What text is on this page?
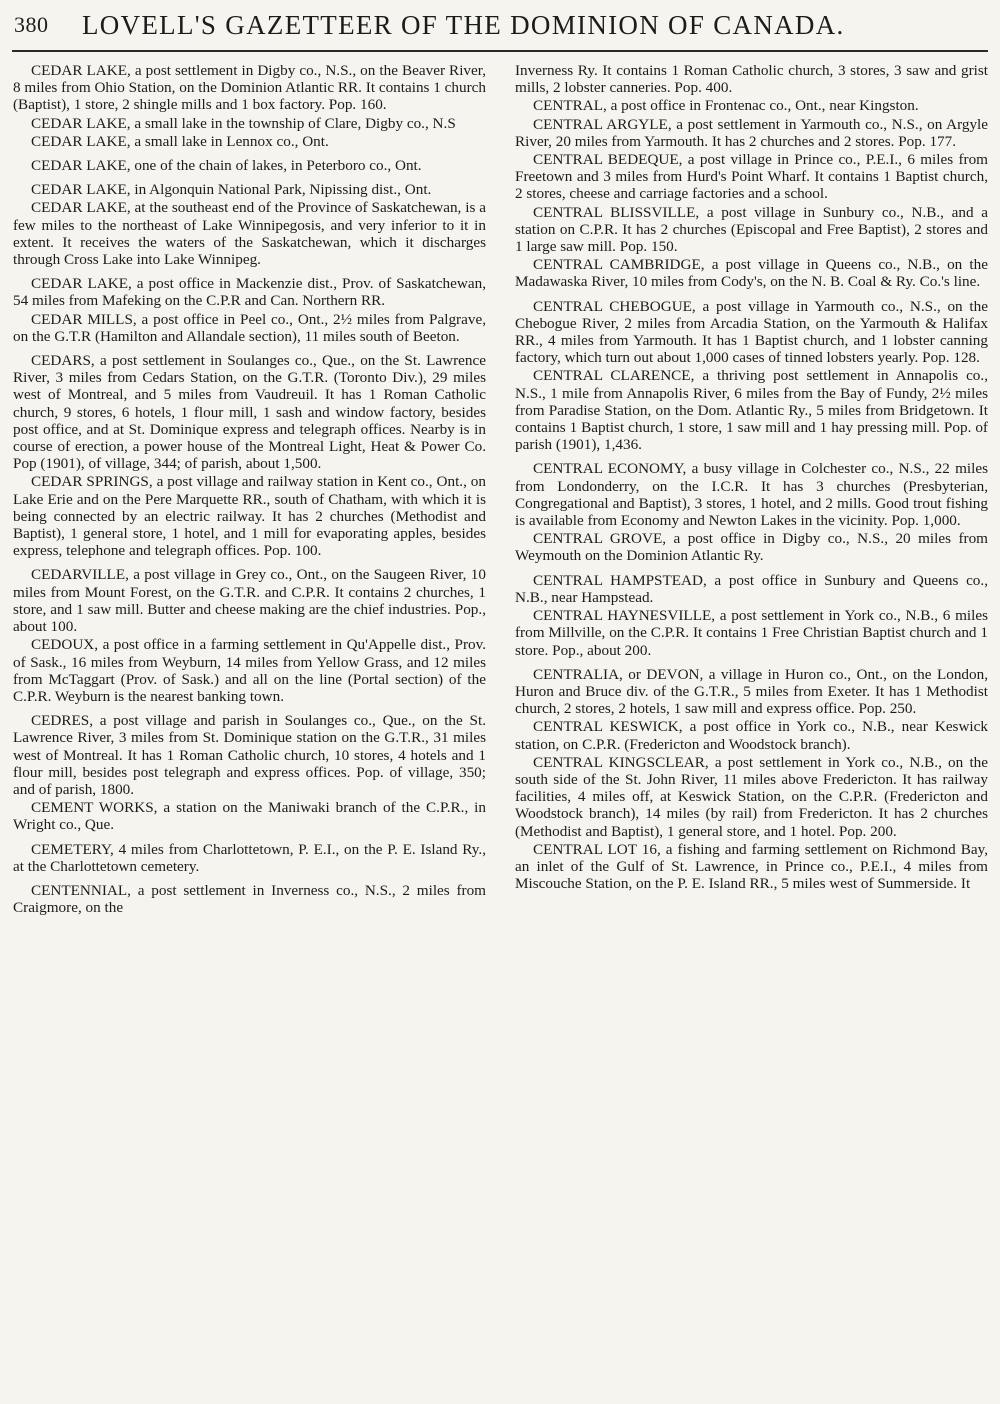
380 LOVELL'S GAZETTEER OF THE DOMINION OF CANADA.

CEDAR LAKE, a post settlement in Digby co., N.S., on the Beaver River, 8 miles from Ohio Station, on the Dominion Atlantic RR. It contains 1 church (Baptist), 1 store, 2 shingle mills and 1 box factory. Pop. 160.

CEDAR LAKE, a small lake in the township of Clare, Digby co., N.S

CEDAR LAKE, a small lake in Lennox co., Ont.

CEDAR LAKE, one of the chain of lakes, in Peterboro co., Ont.

CEDAR LAKE, in Algonquin National Park, Nipissing dist., Ont.

CEDAR LAKE, at the southeast end of the Province of Saskatchewan, is a few miles to the northeast of Lake Winnipegosis, and very inferior to it in extent. It receives the waters of the Saskatchewan, which it discharges through Cross Lake into Lake Winnipeg.

CEDAR LAKE, a post office in Mackenzie dist., Prov. of Saskatchewan, 54 miles from Mafeking on the C.P.R and Can. Northern RR.

CEDAR MILLS, a post office in Peel co., Ont., 2½ miles from Palgrave, on the G.T.R (Hamilton and Allandale section), 11 miles south of Beeton.

CEDARS, a post settlement in Soulanges co., Que., on the St. Lawrence River, 3 miles from Cedars Station, on the G.T.R. (Toronto Div.), 29 miles west of Montreal, and 5 miles from Vaudreuil. It has 1 Roman Catholic church, 9 stores, 6 hotels, 1 flour mill, 1 sash and window factory, besides post office, and at St. Dominique express and telegraph offices. Nearby is in course of erection, a power house of the Montreal Light, Heat & Power Co. Pop (1901), of village, 344; of parish, about 1,500.

CEDAR SPRINGS, a post village and railway station in Kent co., Ont., on Lake Erie and on the Pere Marquette RR., south of Chatham, with which it is being connected by an electric railway. It has 2 churches (Methodist and Baptist), 1 general store, 1 hotel, and 1 mill for evaporating apples, besides express, telephone and telegraph offices. Pop. 100.

CEDARVILLE, a post village in Grey co., Ont., on the Saugeen River, 10 miles from Mount Forest, on the G.T.R. and C.P.R. It contains 2 churches, 1 store, and 1 saw mill. Butter and cheese making are the chief industries. Pop., about 100.

CEDOUX, a post office in a farming settlement in Qu'Appelle dist., Prov. of Sask., 16 miles from Weyburn, 14 miles from Yellow Grass, and 12 miles from McTaggart (Prov. of Sask.) and all on the line (Portal section) of the C.P.R. Weyburn is the nearest banking town.

CEDRES, a post village and parish in Soulanges co., Que., on the St. Lawrence River, 3 miles from St. Dominique station on the G.T.R., 31 miles west of Montreal. It has 1 Roman Catholic church, 10 stores, 4 hotels and 1 flour mill, besides post telegraph and express offices. Pop. of village, 350; and of parish, 1800.

CEMENT WORKS, a station on the Maniwaki branch of the C.P.R., in Wright co., Que.

CEMETERY, 4 miles from Charlottetown, P. E.I., on the P. E. Island Ry., at the Charlottetown cemetery.

CENTENNIAL, a post settlement in Inverness co., N.S., 2 miles from Craigmore, on the

Inverness Ry. It contains 1 Roman Catholic church, 3 stores, 3 saw and grist mills, 2 lobster canneries. Pop. 400.

CENTRAL, a post office in Frontenac co., Ont., near Kingston.

CENTRAL ARGYLE, a post settlement in Yarmouth co., N.S., on Argyle River, 20 miles from Yarmouth. It has 2 churches and 2 stores. Pop. 177.

CENTRAL BEDEQUE, a post village in Prince co., P.E.I., 6 miles from Freetown and 3 miles from Hurd's Point Wharf. It contains 1 Baptist church, 2 stores, cheese and carriage factories and a school.

CENTRAL BLISSVILLE, a post village in Sunbury co., N.B., and a station on C.P.R. It has 2 churches (Episcopal and Free Baptist), 2 stores and 1 large saw mill. Pop. 150.

CENTRAL CAMBRIDGE, a post village in Queens co., N.B., on the Madawaska River, 10 miles from Cody's, on the N. B. Coal & Ry. Co.'s line.

CENTRAL CHEBOGUE, a post village in Yarmouth co., N.S., on the Chebogue River, 2 miles from Arcadia Station, on the Yarmouth & Halifax RR., 4 miles from Yarmouth. It has 1 Baptist church, and 1 lobster canning factory, which turn out about 1,000 cases of tinned lobsters yearly. Pop. 128.

CENTRAL CLARENCE, a thriving post settlement in Annapolis co., N.S., 1 mile from Annapolis River, 6 miles from the Bay of Fundy, 2½ miles from Paradise Station, on the Dom. Atlantic Ry., 5 miles from Bridgetown. It contains 1 Baptist church, 1 store, 1 saw mill and 1 hay pressing mill. Pop. of parish (1901), 1,436.

CENTRAL ECONOMY, a busy village in Colchester co., N.S., 22 miles from Londonderry, on the I.C.R. It has 3 churches (Presbyterian, Congregational and Baptist), 3 stores, 1 hotel, and 2 mills. Good trout fishing is available from Economy and Newton Lakes in the vicinity. Pop. 1,000.

CENTRAL GROVE, a post office in Digby co., N.S., 20 miles from Weymouth on the Dominion Atlantic Ry.

CENTRAL HAMPSTEAD, a post office in Sunbury and Queens co., N.B., near Hampstead.

CENTRAL HAYNESVILLE, a post settlement in York co., N.B., 6 miles from Millville, on the C.P.R. It contains 1 Free Christian Baptist church and 1 store. Pop., about 200.

CENTRALIA, or DEVON, a village in Huron co., Ont., on the London, Huron and Bruce div. of the G.T.R., 5 miles from Exeter. It has 1 Methodist church, 2 stores, 2 hotels, 1 saw mill and express office. Pop. 250.

CENTRAL KESWICK, a post office in York co., N.B., near Keswick station, on C.P.R. (Fredericton and Woodstock branch).

CENTRAL KINGSCLEAR, a post settlement in York co., N.B., on the south side of the St. John River, 11 miles above Fredericton. It has railway facilities, 4 miles off, at Keswick Station, on the C.P.R. (Fredericton and Woodstock branch), 14 miles (by rail) from Fredericton. It has 2 churches (Methodist and Baptist), 1 general store, and 1 hotel. Pop. 200.

CENTRAL LOT 16, a fishing and farming settlement on Richmond Bay, an inlet of the Gulf of St. Lawrence, in Prince co., P.E.I., 4 miles from Miscouche Station, on the P. E. Island RR., 5 miles west of Summerside. It
